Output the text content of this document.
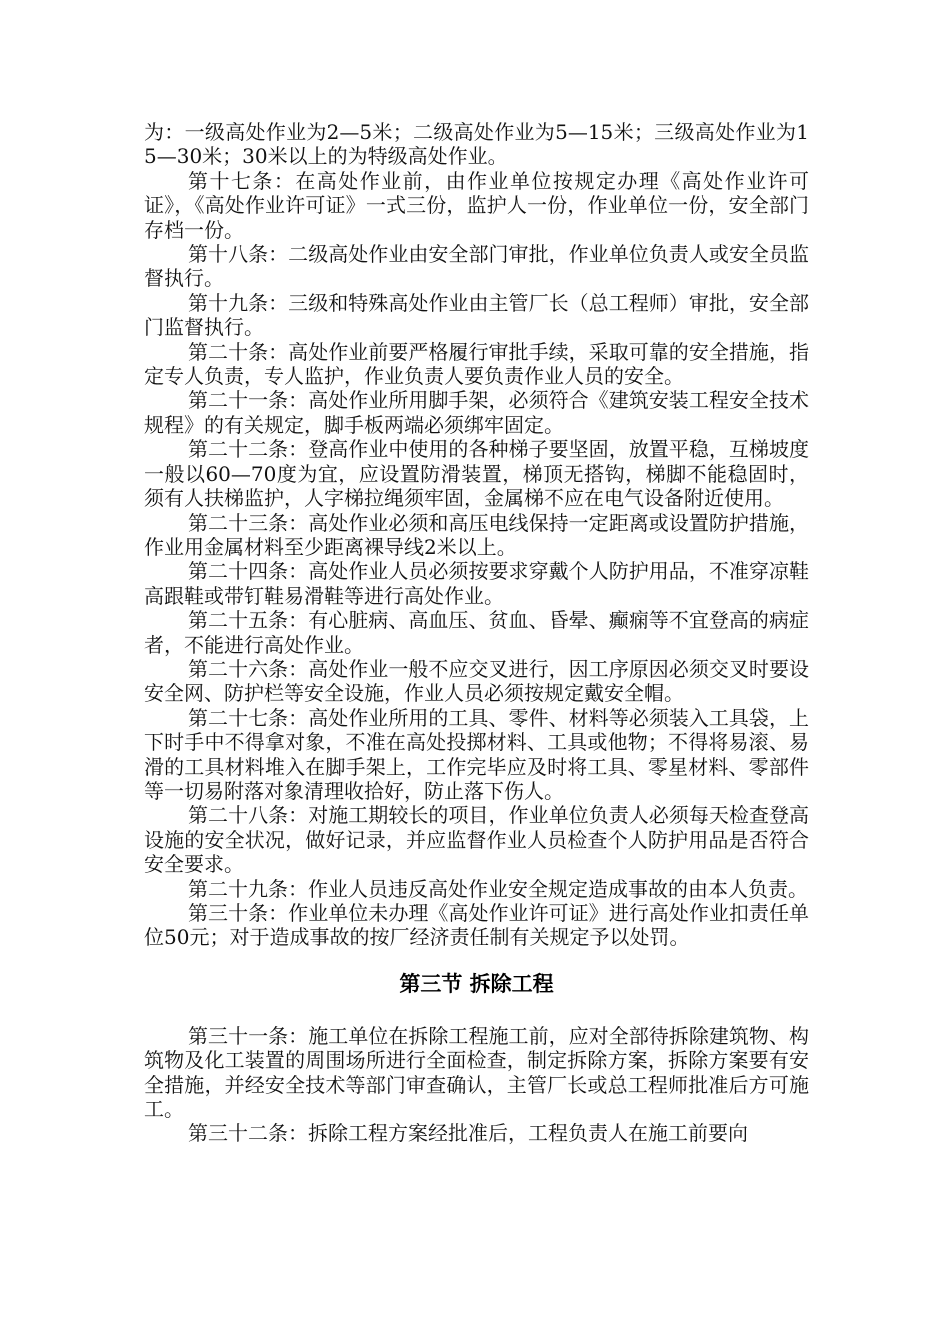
为：一级高处作业为2—5米；二级高处作业为5—15米；三级高处作业为15—30米；30米以上的为特级高处作业。

第十七条：在高处作业前，由作业单位按规定办理《高处作业许可证》，《高处作业许可证》一式三份，监护人一份，作业单位一份，安全部门存档一份。

第十八条：二级高处作业由安全部门审批，作业单位负责人或安全员监督执行。

第十九条：三级和特殊高处作业由主管厂长（总工程师）审批，安全部门监督执行。

第二十条：高处作业前要严格履行审批手续，采取可靠的安全措施，指定专人负责，专人监护，作业负责人要负责作业人员的安全。

第二十一条：高处作业所用脚手架，必须符合《建筑安装工程安全技术规程》的有关规定，脚手板两端必须绑牢固定。

第二十二条：登高作业中使用的各种梯子要坚固，放置平稳，互梯坡度一般以60—70度为宜，应设置防滑装置，梯顶无搭钩，梯脚不能稳固时，须有人扶梯监护，人字梯拉绳须牢固，金属梯不应在电气设备附近使用。

第二十三条：高处作业必须和高压电线保持一定距离或设置防护措施，作业用金属材料至少距离裸导线2米以上。

第二十四条：高处作业人员必须按要求穿戴个人防护用品，不准穿凉鞋高跟鞋或带钉鞋易滑鞋等进行高处作业。

第二十五条：有心脏病、高血压、贫血、昏晕、癫痫等不宜登高的病症者，不能进行高处作业。

第二十六条：高处作业一般不应交叉进行，因工序原因必须交叉时要设安全网、防护栏等安全设施，作业人员必须按规定戴安全帽。

第二十七条：高处作业所用的工具、零件、材料等必须装入工具袋，上下时手中不得拿对象，不准在高处投掷材料、工具或他物；不得将易滚、易滑的工具材料堆入在脚手架上，工作完毕应及时将工具、零星材料、零部件等一切易附落对象清理收拾好，防止落下伤人。

第二十八条：对施工期较长的项目，作业单位负责人必须每天检查登高设施的安全状况，做好记录，并应监督作业人员检查个人防护用品是否符合安全要求。

第二十九条：作业人员违反高处作业安全规定造成事故的由本人负责。

第三十条：作业单位未办理《高处作业许可证》进行高处作业扣责任单位50元；对于造成事故的按厂经济责任制有关规定予以处罚。

第三节 拆除工程

第三十一条：施工单位在拆除工程施工前，应对全部待拆除建筑物、构筑物及化工装置的周围场所进行全面检查，制定拆除方案，拆除方案要有安全措施，并经安全技术等部门审查确认，主管厂长或总工程师批准后方可施工。

第三十二条：拆除工程方案经批准后，工程负责人在施工前要向
